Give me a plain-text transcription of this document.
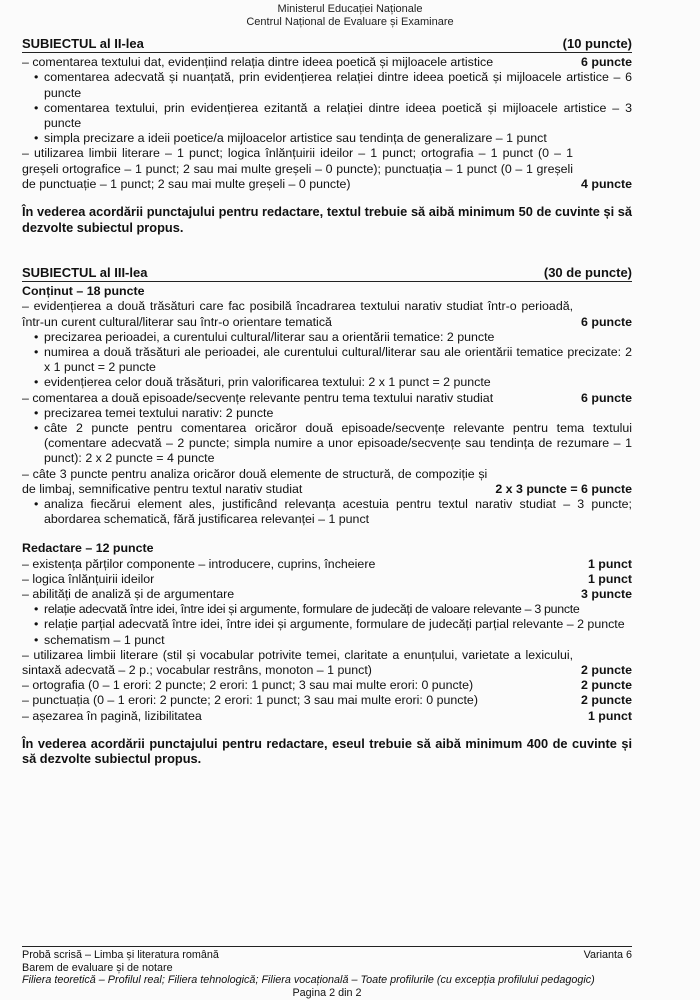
Ministerul Educației Naționale
Centrul Național de Evaluare și Examinare
SUBIECTUL al II-lea	(10 puncte)
– comentarea textului dat, evidențiind relația dintre ideea poetică și mijloacele artistice	6 puncte
• comentarea adecvată și nuanțată, prin evidențierea relației dintre ideea poetică și mijloacele artistice – 6 puncte
• comentarea textului, prin evidențierea ezitantă a relației dintre ideea poetică și mijloacele artistice – 3 puncte
• simpla precizare a ideii poetice/a mijloacelor artistice sau tendința de generalizare – 1 punct
– utilizarea limbii literare – 1 punct; logica înlănțuirii ideilor – 1 punct; ortografia – 1 punct (0 – 1 greșeli ortografice – 1 punct; 2 sau mai multe greșeli – 0 puncte); punctuația – 1 punct (0 – 1 greșeli de punctuație – 1 punct; 2 sau mai multe greșeli – 0 puncte)	4 puncte
În vederea acordării punctajului pentru redactare, textul trebuie să aibă minimum 50 de cuvinte și să dezvolte subiectul propus.
SUBIECTUL al III-lea	(30 de puncte)
Conținut – 18 puncte
– evidențierea a două trăsături care fac posibilă încadrarea textului narativ studiat într-o perioadă, într-un curent cultural/literar sau într-o orientare tematică	6 puncte
• precizarea perioadei, a curentului cultural/literar sau a orientării tematice: 2 puncte
• numirea a două trăsături ale perioadei, ale curentului cultural/literar sau ale orientării tematice precizate: 2 x 1 punct = 2 puncte
• evidențierea celor două trăsături, prin valorificarea textului: 2 x 1 punct = 2 puncte
– comentarea a două episoade/secvențe relevante pentru tema textului narativ studiat	6 puncte
• precizarea temei textului narativ: 2 puncte
• câte 2 puncte pentru comentarea oricăror două episoade/secvențe relevante pentru tema textului (comentare adecvată – 2 puncte; simpla numire a unor episoade/secvențe sau tendința de rezumare – 1 punct): 2 x 2 puncte = 4 puncte
– câte 3 puncte pentru analiza oricăror două elemente de structură, de compoziție și de limbaj, semnificative pentru textul narativ studiat	2 x 3 puncte = 6 puncte
• analiza fiecărui element ales, justificând relevanța acestuia pentru textul narativ studiat – 3 puncte; abordarea schematică, fără justificarea relevanței – 1 punct
Redactare – 12 puncte
– existența părților componente – introducere, cuprins, încheiere	1 punct
– logica înlănțuirii ideilor	1 punct
– abilități de analiză și de argumentare	3 puncte
• relație adecvată între idei, între idei și argumente, formulare de judecăți de valoare relevante – 3 puncte
• relație parțial adecvată între idei, între idei și argumente, formulare de judecăți parțial relevante – 2 puncte
• schematism – 1 punct
– utilizarea limbii literare (stil și vocabular potrivite temei, claritate a enunțului, varietate a lexicului, sintaxă adecvată – 2 p.; vocabular restrâns, monoton – 1 punct)	2 puncte
– ortografia (0 – 1 erori: 2 puncte; 2 erori: 1 punct; 3 sau mai multe erori: 0 puncte)	2 puncte
– punctuația (0 – 1 erori: 2 puncte; 2 erori: 1 punct; 3 sau mai multe erori: 0 puncte)	2 puncte
– așezarea în pagină, lizibilitatea	1 punct
În vederea acordării punctajului pentru redactare, eseul trebuie să aibă minimum 400 de cuvinte și să dezvolte subiectul propus.
Probă scrisă – Limba și literatura română	Varianta 6
Barem de evaluare și de notare
Filiera teoretică – Profilul real; Filiera tehnologică; Filiera vocațională – Toate profilurile (cu excepția profilului pedagogic)
Pagina 2 din 2
